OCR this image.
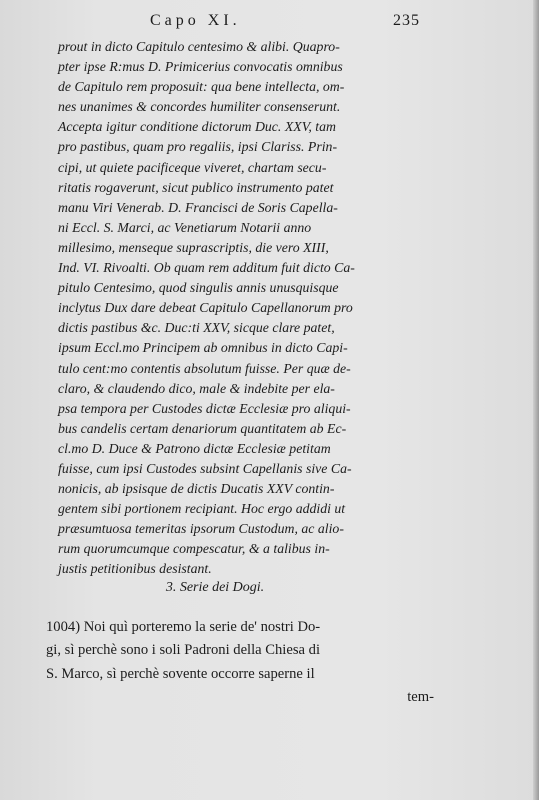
Capo XI.	235
prout in dicto Capitulo centesimo & alibi. Quapro-
pter ipse R:mus D. Primicerius convocatis omnibus
de Capitulo rem proposuit: qua bene intellecta, om-
nes unanimes & concordes humiliter consenserunt.
Accepta igitur conditione dictorum Duc. XXV, tam
pro pastibus, quam pro regaliis, ipsi Clariss. Prin-
cipi, ut quiete pacificeque viveret, chartam secu-
ritatis rogaverunt, sicut publico instrumento patet
manu Viri Venerab. D. Francisci de Soris Capella-
ni Eccl. S. Marci, ac Venetiarum Notarii anno
millesimo, menseque suprascriptis, die vero XIII,
Ind. VI. Rivoalti. Ob quam rem additum fuit dicto Ca-
pitulo Centesimo, quod singulis annis unusquisque
inclytus Dux dare debeat Capitulo Capellanorum pro
dictis pastibus &c. Duc:ti XXV, sicque clare patet,
ipsum Eccl.mo Principem ab omnibus in dicto Capi-
tulo cent:mo contentis absolutum fuisse. Per quæ de-
claro, & claudendo dico, male & indebite per ela-
psa tempora per Custodes dictæ Ecclesiæ pro aliqui-
bus candelis certam denariorum quantitatem ab Ec-
cl.mo D. Duce & Patrono dictæ Ecclesiæ petitam
fuisse, cum ipsi Custodes subsint Capellanis sive Ca-
nonicis, ab ipsisque de dictis Ducatis XXV contin-
gentem sibi portionem recipiant. Hoc ergo addidi ut
præsumtuosa temeritas ipsorum Custodum, ac alio-
rum quorumcumque compescatur, & a talibus in-
justis petitionibus desistant.
3. Serie dei Dogi.
1004) Noi quì porteremo la serie de' nostri Do-
gi, sì perchè sono i soli Padroni della Chiesa di
S. Marco, sì perchè sovente occorre saperne il
tem-
